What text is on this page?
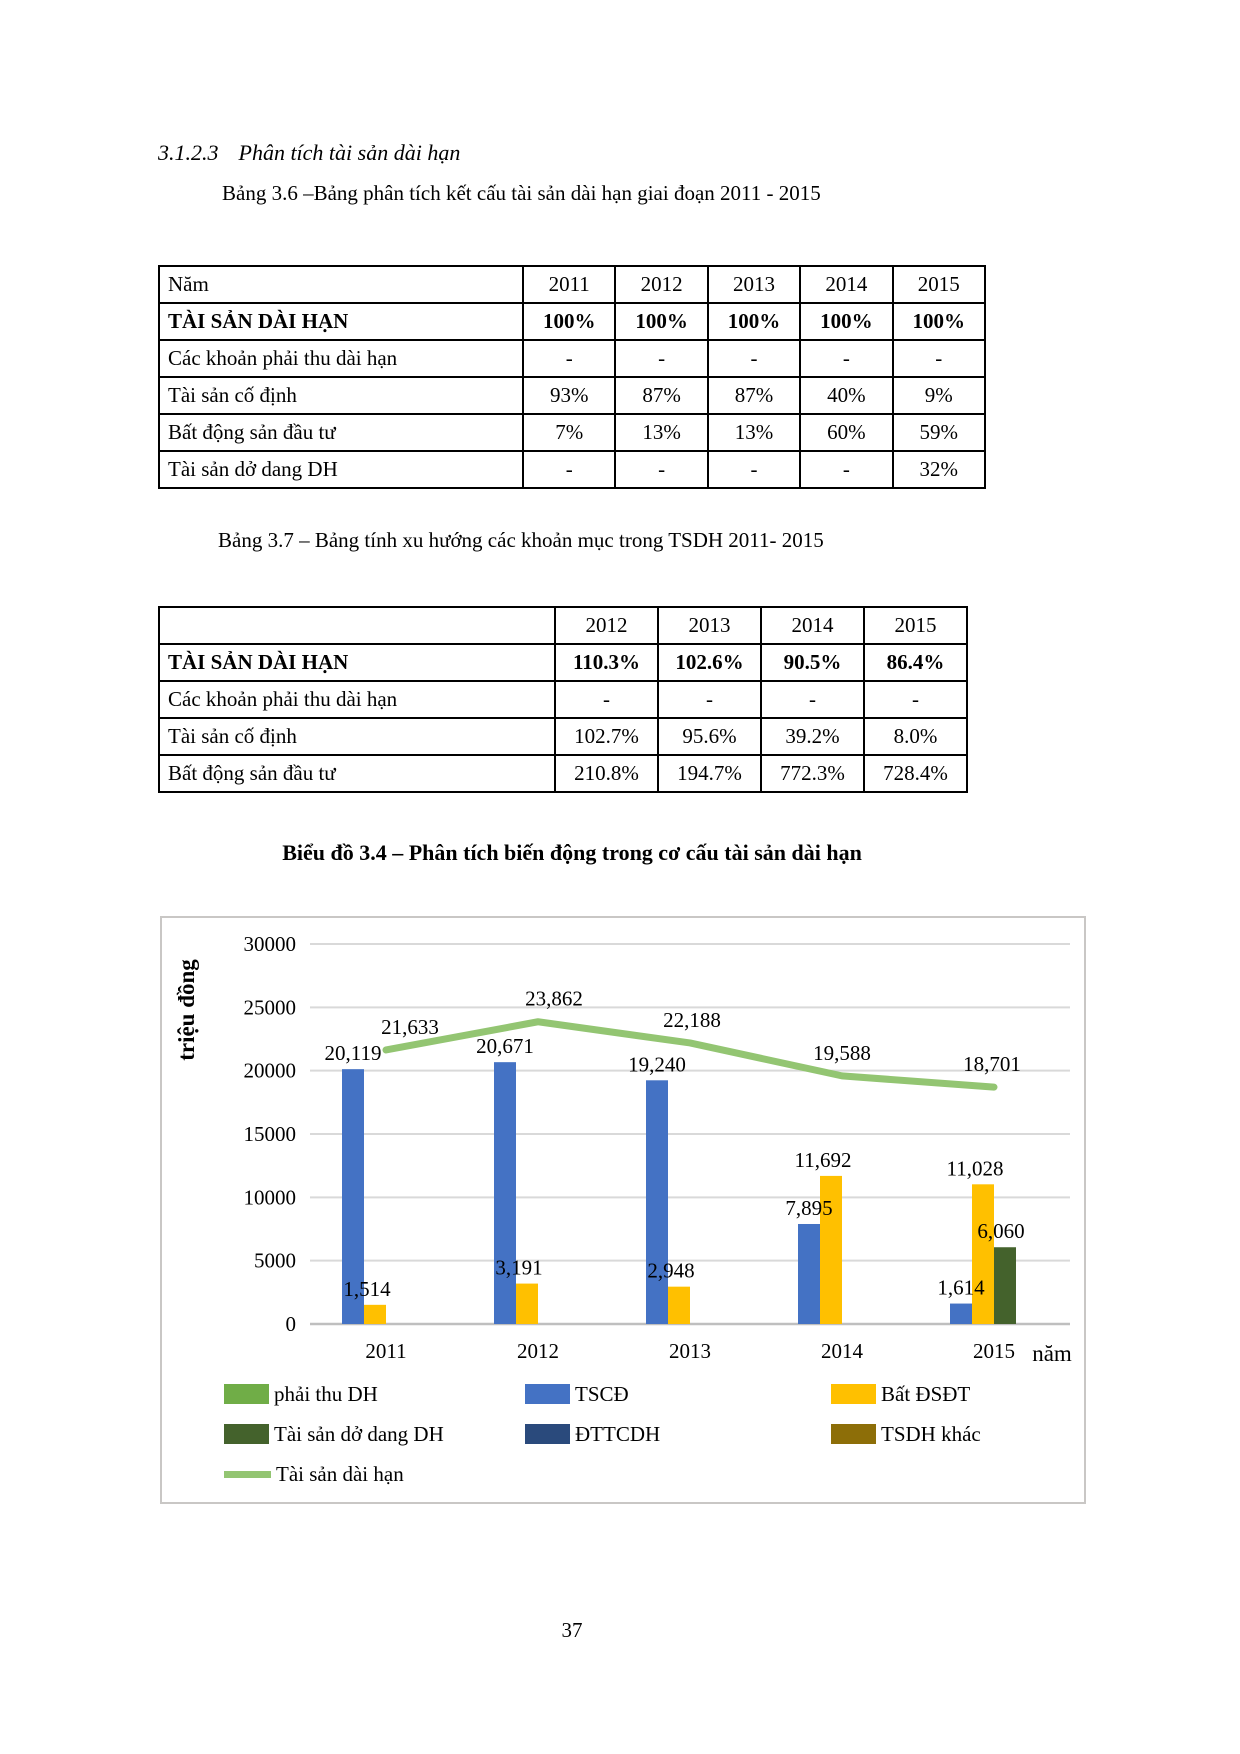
3.1.2.3 Phân tích tài sản dài hạn
Bảng 3.6 –Bảng phân tích kết cấu tài sản dài hạn giai đoạn 2011 - 2015
Năm	2011	2012	2013	2014	2015
TÀI SẢN DÀI HẠN	100%	100%	100%	100%	100%
Các khoản phải thu dài hạn	-	-	-	-	-
Tài sản cố định	93%	87%	87%	40%	9%
Bất động sản đầu tư	7%	13%	13%	60%	59%
Tài sản dở dang DH	-	-	-	-	32%
Bảng 3.7 – Bảng tính xu hướng các khoản mục trong TSDH 2011- 2015
	2012	2013	2014	2015
TÀI SẢN DÀI HẠN	110.3%	102.6%	90.5%	86.4%
Các khoản phải thu dài hạn	-	-	-	-
Tài sản cố định	102.7%	95.6%	39.2%	8.0%
Bất động sản đầu tư	210.8%	194.7%	772.3%	728.4%
Biểu đồ 3.4 – Phân tích biến động trong cơ cấu tài sản dài hạn
0
5000
10000
15000
20000
25000
30000
triệu đồng	20,119	20,671
19,240
7,895
1,614
1,514
3,191	2,948
11,692	11,028
6,060
21,633
23,862
22,188
19,588	18,701
2011	2012	2013	2014	2015 năm
phải thu DH	TSCĐ	Bất ĐSĐT
Tài sản dở dang DH	ĐTTCDH	TSDH khác
Tài sản dài hạn
37
